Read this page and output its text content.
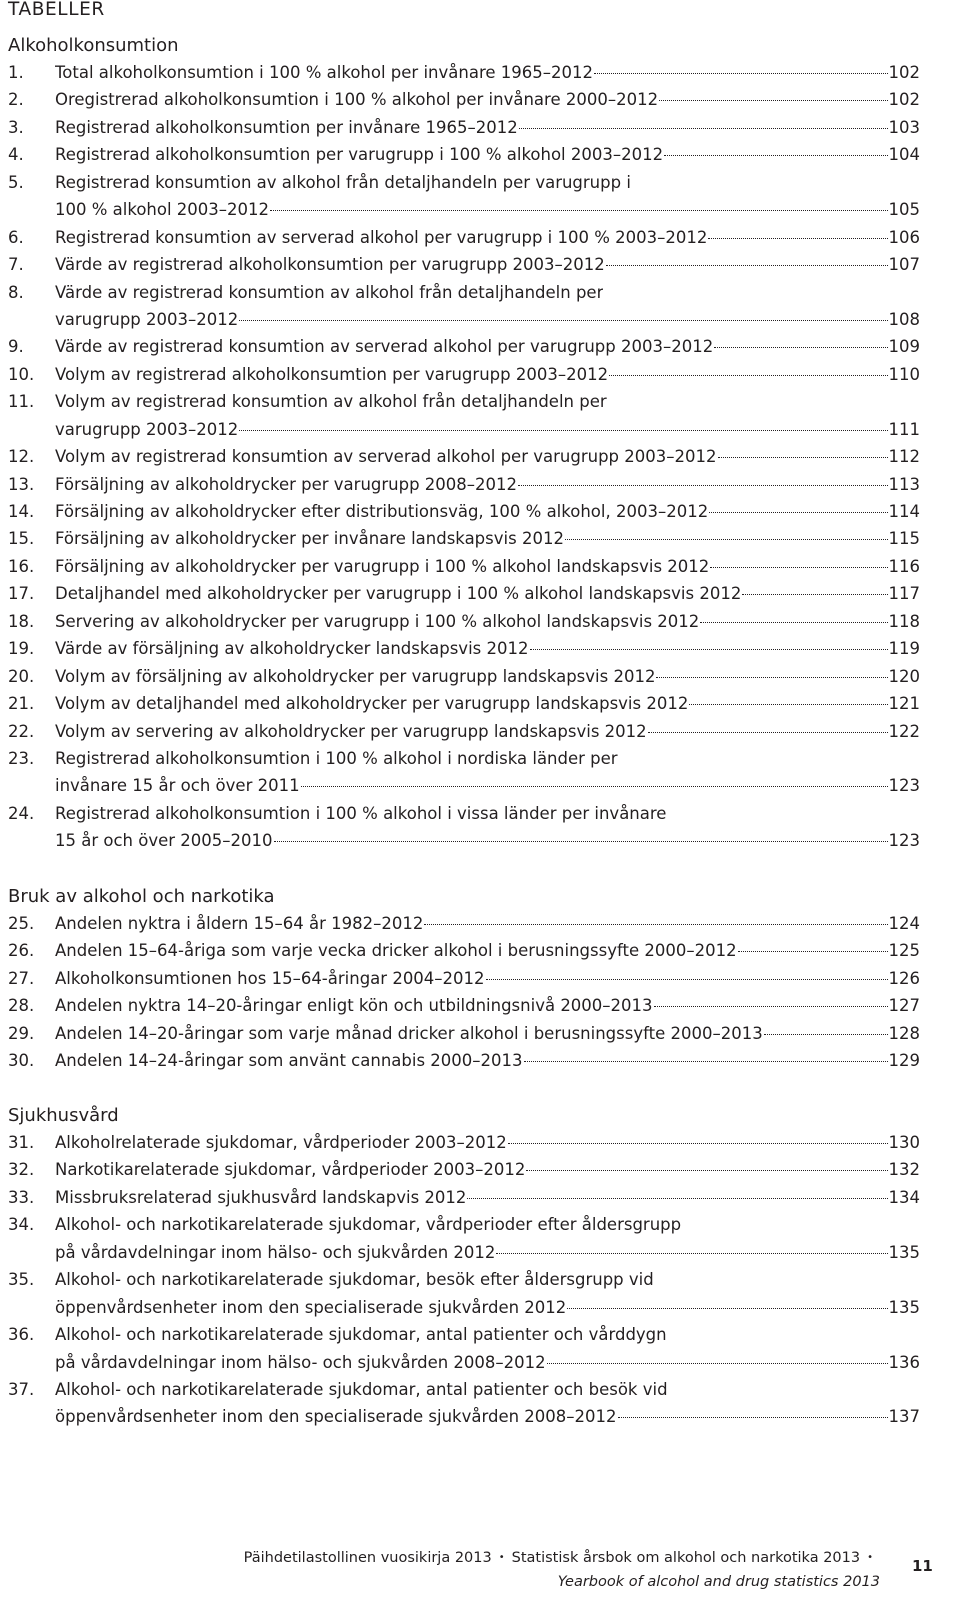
TABELLER
Alkoholkonsumtion
1.	Total alkoholkonsumtion i 100 % alkohol per invånare 1965–2012	102
2.	Oregistrerad alkoholkonsumtion i 100 % alkohol per invånare 2000–2012	102
3.	Registrerad alkoholkonsumtion per invånare 1965–2012	103
4.	Registrerad alkoholkonsumtion per varugrupp i 100 % alkohol 2003–2012	104
5.	Registrerad konsumtion av alkohol från detaljhandeln per varugrupp i
100 % alkohol 2003–2012	105
6.	Registrerad konsumtion av serverad alkohol per varugrupp i 100 % 2003–2012	106
7.	Värde av registrerad alkoholkonsumtion per varugrupp 2003–2012	107
8.	Värde av registrerad konsumtion av alkohol från detaljhandeln per
varugrupp 2003–2012	108
9.	Värde av registrerad konsumtion av serverad alkohol per varugrupp 2003–2012	109
10.	Volym av registrerad alkoholkonsumtion per varugrupp 2003–2012	110
11.	Volym av registrerad konsumtion av alkohol från detaljhandeln per
varugrupp 2003–2012	111
12.	Volym av registrerad konsumtion av serverad alkohol per varugrupp 2003–2012	112
13.	Försäljning av alkoholdrycker per varugrupp 2008–2012	113
14.	Försäljning av alkoholdrycker efter distributionsväg, 100 % alkohol, 2003–2012	114
15.	Försäljning av alkoholdrycker per invånare landskapsvis 2012	115
16.	Försäljning av alkoholdrycker per varugrupp i 100 % alkohol landskapsvis 2012	116
17.	Detaljhandel med alkoholdrycker per varugrupp i 100 % alkohol landskapsvis 2012	117
18.	Servering av alkoholdrycker per varugrupp i 100 % alkohol landskapsvis 2012	118
19.	Värde av försäljning av alkoholdrycker landskapsvis 2012	119
20.	Volym av försäljning av alkoholdrycker per varugrupp landskapsvis 2012	120
21.	Volym av detaljhandel med alkoholdrycker per varugrupp landskapsvis 2012	121
22.	Volym av servering av alkoholdrycker per varugrupp landskapsvis 2012	122
23.	Registrerad alkoholkonsumtion i 100 % alkohol i nordiska länder per
invånare 15 år och över 2011	123
24.	Registrerad alkoholkonsumtion i 100 % alkohol i vissa länder per invånare
15 år och över 2005–2010	123
Bruk av alkohol och narkotika
25.	Andelen nyktra i åldern 15–64 år 1982–2012	124
26.	Andelen 15–64-åriga som varje vecka dricker alkohol i berusningssyfte 2000–2012	125
27.	Alkoholkonsumtionen hos 15–64-åringar 2004–2012	126
28.	Andelen nyktra 14–20-åringar enligt kön och utbildningsnivå 2000–2013	127
29.	Andelen 14–20-åringar som varje månad dricker alkohol i berusningssyfte 2000–2013	128
30.	Andelen 14–24-åringar som använt cannabis 2000–2013	129
Sjukhusvård
31.	Alkoholrelaterade sjukdomar, vårdperioder 2003–2012	130
32.	Narkotikarelaterade sjukdomar, vårdperioder 2003–2012	132
33.	Missbruksrelaterad sjukhusvård landskapvis 2012	134
34.	Alkohol- och narkotikarelaterade sjukdomar, vårdperioder efter åldersgrupp
på vårdavdelningar inom hälso- och sjukvården 2012	135
35.	Alkohol- och narkotikarelaterade sjukdomar, besök efter åldersgrupp vid
öppenvårdsenheter inom den specialiserade sjukvården 2012	135
36.	Alkohol- och narkotikarelaterade sjukdomar, antal patienter och vårddygn
på vårdavdelningar inom hälso- och sjukvården 2008–2012	136
37.	Alkohol- och narkotikarelaterade sjukdomar, antal patienter och besök vid
öppenvårdsenheter inom den specialiserade sjukvården 2008–2012	137
Päihdetilastollinen vuosikirja 2013 • Statistisk årsbok om alkohol och narkotika 2013 •
Yearbook of alcohol and drug statistics 2013
11
